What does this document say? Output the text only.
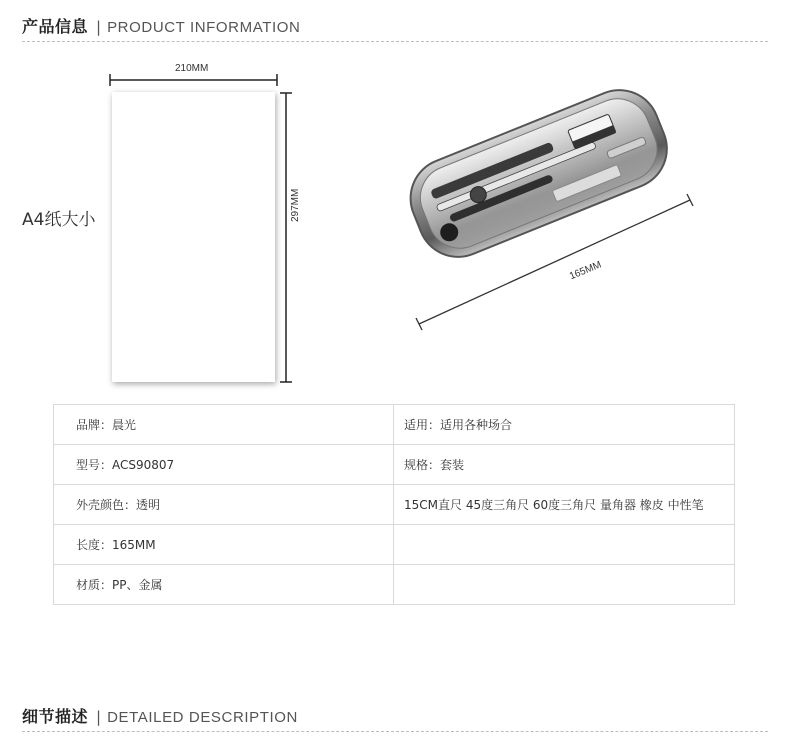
产品信息 | PRODUCT INFORMATION
A4纸大小
210MM
297MM
165MM
品牌：晨光	适用：适用各种场合
型号：ACS90807	规格：套装
外壳颜色：透明	15CM直尺 45度三角尺 60度三角尺 量角器 橡皮 中性笔
长度：165MM	
材质：PP、金属	
细节描述 | DETAILED DESCRIPTION
